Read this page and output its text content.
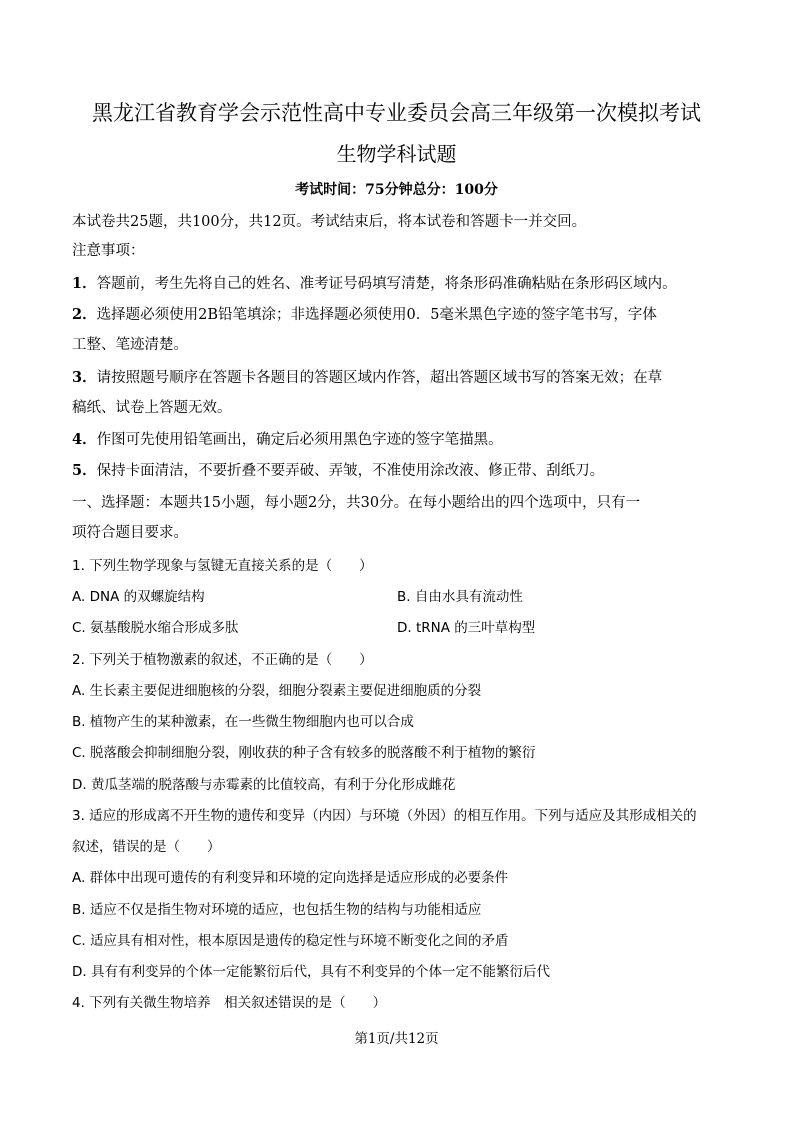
黑龙江省教育学会示范性高中专业委员会高三年级第一次模拟考试
生物学科试题
考试时间：75分钟总分：100分
本试卷共25题，共100分，共12页。考试结束后，将本试卷和答题卡一并交回。
注意事项：
1．答题前，考生先将自己的姓名、准考证号码填写清楚，将条形码准确粘贴在条形码区域内。
2．选择题必须使用2B铅笔填涂；非选择题必须使用0．5毫米黑色字迹的签字笔书写，字体
工整、笔迹清楚。
3．请按照题号顺序在答题卡各题目的答题区域内作答，超出答题区域书写的答案无效；在草
稿纸、试卷上答题无效。
4．作图可先使用铅笔画出，确定后必须用黑色字迹的签字笔描黑。
5．保持卡面清洁，不要折叠不要弄破、弄皱，不准使用涂改液、修正带、刮纸刀。
一、选择题：本题共15小题，每小题2分，共30分。在每小题给出的四个选项中，只有一
项符合题目要求。
1. 下列生物学现象与氢键无直接关系的是（　　）
A. DNA 的双螺旋结构	B. 自由水具有流动性
C. 氨基酸脱水缩合形成多肽	D. tRNA 的三叶草构型
2. 下列关于植物激素的叙述，不正确的是（　　）
A. 生长素主要促进细胞核的分裂，细胞分裂素主要促进细胞质的分裂
B. 植物产生的某种激素，在一些微生物细胞内也可以合成
C. 脱落酸会抑制细胞分裂，刚收获的种子含有较多的脱落酸不利于植物的繁衍
D. 黄瓜茎端的脱落酸与赤霉素的比值较高，有利于分化形成雌花
3. 适应的形成离不开生物的遗传和变异（内因）与环境（外因）的相互作用。下列与适应及其形成相关的
叙述，错误的是（　　）
A. 群体中出现可遗传的有利变异和环境的定向选择是适应形成的必要条件
B. 适应不仅是指生物对环境的适应，也包括生物的结构与功能相适应
C. 适应具有相对性，根本原因是遗传的稳定性与环境不断变化之间的矛盾
D. 具有有利变异的个体一定能繁衍后代，具有不利变异的个体一定不能繁衍后代
4. 下列有关微生物培养　相关叙述错误的是（　　）
第1页/共12页
